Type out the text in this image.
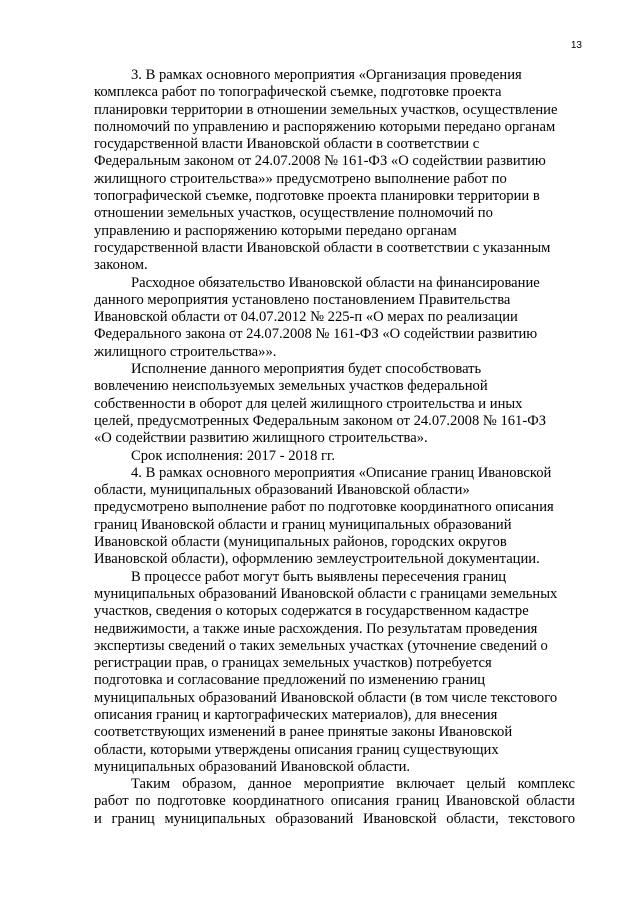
13

3. В рамках основного мероприятия «Организация проведения
комплекса работ по топографической съемке, подготовке проекта
планировки территории в отношении земельных участков, осуществление
полномочий по управлению и распоряжению которыми передано органам
государственной власти Ивановской области в соответствии с
Федеральным законом от 24.07.2008 № 161-ФЗ «О содействии развитию
жилищного строительства»» предусмотрено выполнение работ по
топографической съемке, подготовке проекта планировки территории в
отношении земельных участков, осуществление полномочий по
управлению и распоряжению которыми передано органам
государственной власти Ивановской области в соответствии с указанным
законом.

Расходное обязательство Ивановской области на финансирование
данного мероприятия установлено постановлением Правительства
Ивановской области от 04.07.2012 № 225-п «О мерах по реализации
Федерального закона от 24.07.2008 № 161-ФЗ «О содействии развитию
жилищного строительства»».

Исполнение данного мероприятия будет способствовать
вовлечению неиспользуемых земельных участков федеральной
собственности в оборот для целей жилищного строительства и иных
целей, предусмотренных Федеральным законом от 24.07.2008 № 161-ФЗ
«О содействии развитию жилищного строительства».

Срок исполнения: 2017 - 2018 гг.

4. В рамках основного мероприятия «Описание границ Ивановской
области, муниципальных образований Ивановской области»
предусмотрено выполнение работ по подготовке координатного описания
границ Ивановской области и границ муниципальных образований
Ивановской области (муниципальных районов, городских округов
Ивановской области), оформлению землеустроительной документации.

В процессе работ могут быть выявлены пересечения границ
муниципальных образований Ивановской области с границами земельных
участков, сведения о которых содержатся в государственном кадастре
недвижимости, а также иные расхождения. По результатам проведения
экспертизы сведений о таких земельных участках (уточнение сведений о
регистрации прав, о границах земельных участков) потребуется
подготовка и согласование предложений по изменению границ
муниципальных образований Ивановской области (в том числе текстового
описания границ и картографических материалов), для внесения
соответствующих изменений в ранее принятые законы Ивановской
области, которыми утверждены описания границ существующих
муниципальных образований Ивановской области.

Таким образом, данное мероприятие включает целый комплекс
работ по подготовке координатного описания границ Ивановской области
и границ муниципальных образований Ивановской области, текстового
